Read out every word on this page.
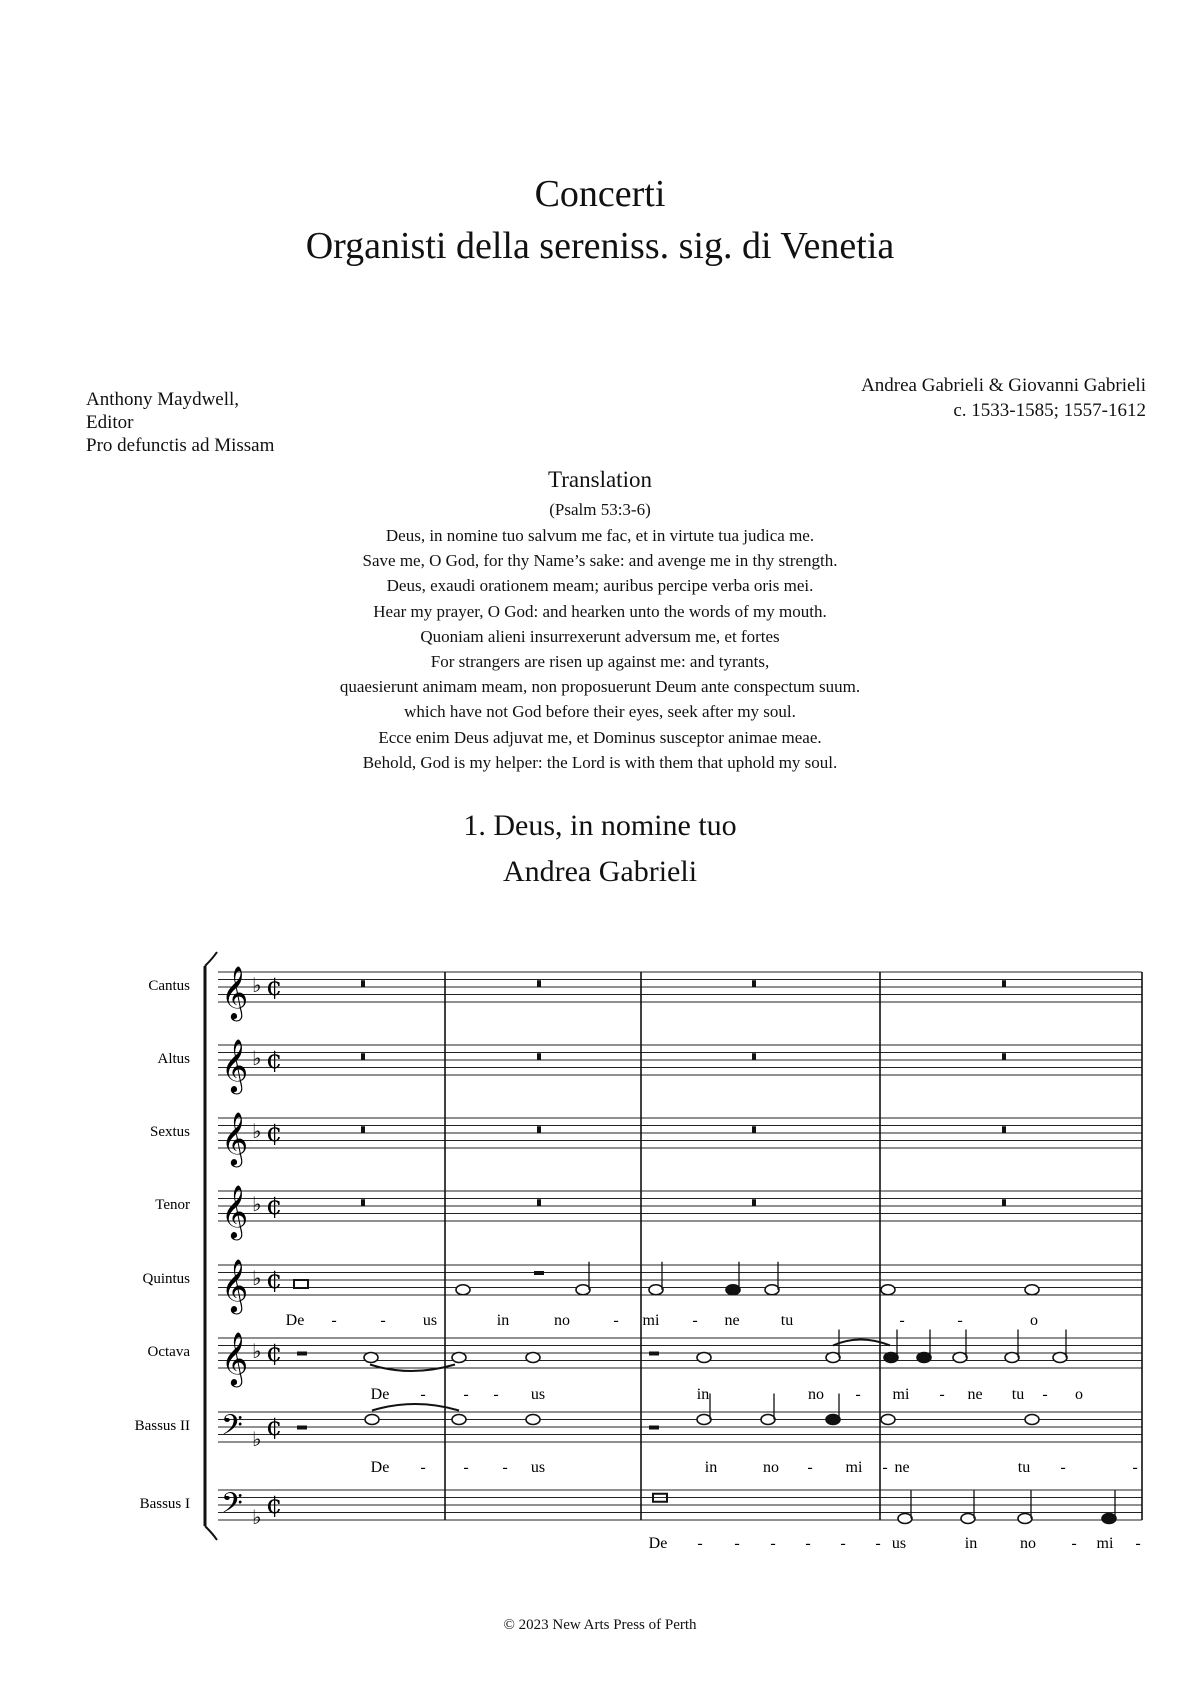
Concerti
Organisti della sereniss. sig. di Venetia
Anthony Maydwell,
Editor
Pro defunctis ad Missam
Andrea Gabrieli & Giovanni Gabrieli
c. 1533-1585; 1557-1612
Translation
(Psalm 53:3-6)
Deus, in nomine tuo salvum me fac, et in virtute tua judica me.
Save me, O God, for thy Name’s sake: and avenge me in thy strength.
Deus, exaudi orationem meam; auribus percipe verba oris mei.
Hear my prayer, O God: and hearken unto the words of my mouth.
Quoniam alieni insurrexerunt adversum me, et fortes
For strangers are risen up against me: and tyrants,
quaesierunt animam meam, non proposuerunt Deum ante conspectum suum.
which have not God before their eyes, seek after my soul.
Ecce enim Deus adjuvat me, et Dominus susceptor animae meae.
Behold, God is my helper: the Lord is with them that uphold my soul.
1. Deus, in nomine tuo
Andrea Gabrieli
Cantus 𝄞 ♭ ¢
Altus 𝄞 ♭ ¢
Sextus 𝄞 ♭ ¢
Tenor 𝄞 ♭ ¢
Quintus 𝄞 ♭ ¢
De -	- us	in	no	- mi - ne	tu	-	-	o
Octava 𝄞 ♭ ¢
De - - - us	in	no - mi - ne tu - o
Bassus II 𝄢 ♭ ¢
De - - - us	in	no - mi - ne	tu -	-
Bassus I 𝄢 ♭ ¢
De - - - - - - us	in	no - mi -
© 2023 New Arts Press of Perth
